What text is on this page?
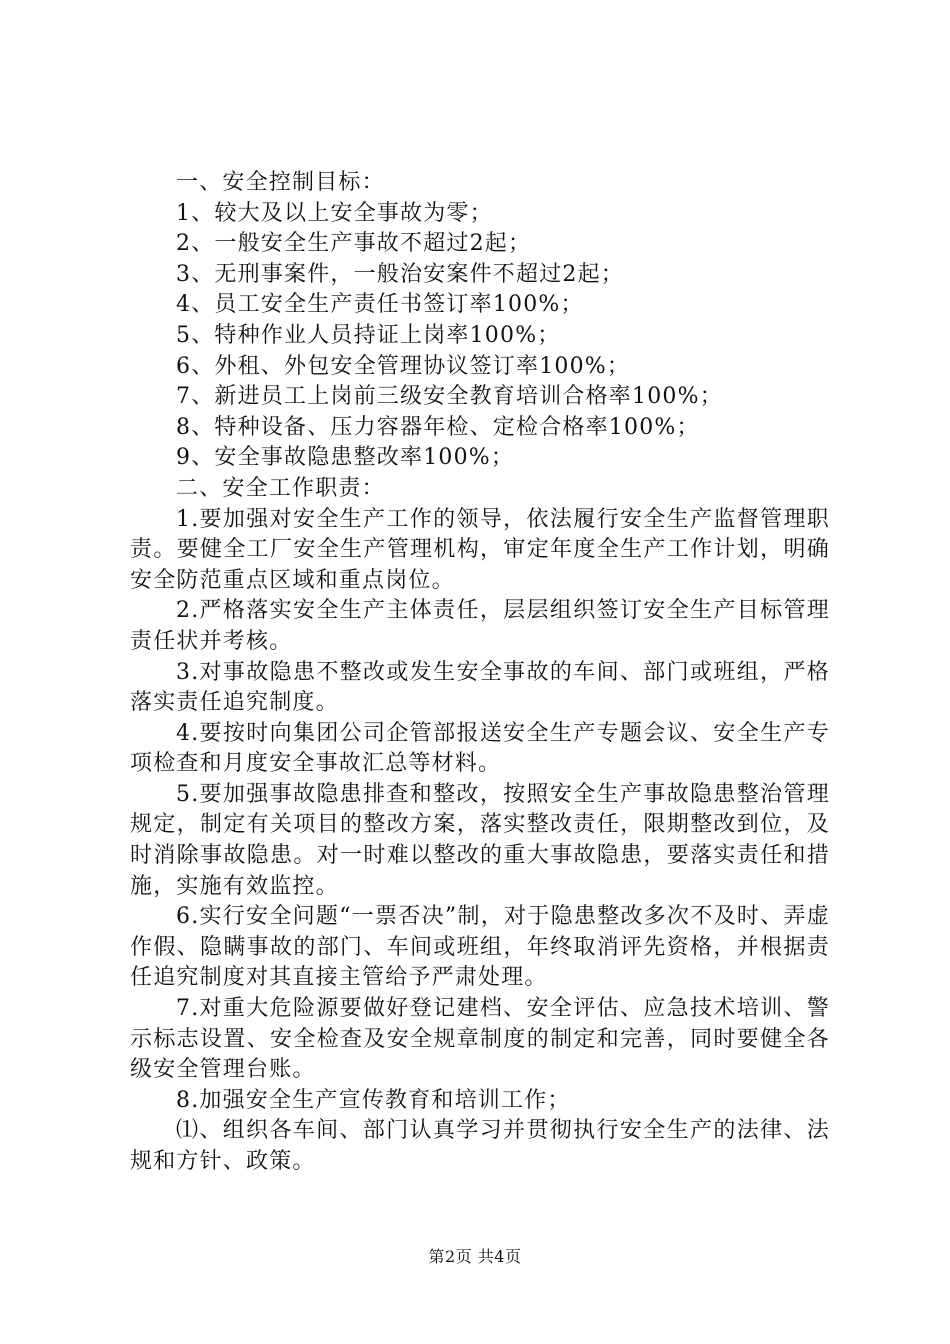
一、安全控制目标：
1、较大及以上安全事故为零；
2、一般安全生产事故不超过2起；
3、无刑事案件，一般治安案件不超过2起；
4、员工安全生产责任书签订率100%；
5、特种作业人员持证上岗率100%；
6、外租、外包安全管理协议签订率100%；
7、新进员工上岗前三级安全教育培训合格率100%；
8、特种设备、压力容器年检、定检合格率100%；
9、安全事故隐患整改率100%；
二、安全工作职责：

1.要加强对安全生产工作的领导，依法履行安全生产监督管理职责。要健全工厂安全生产管理机构，审定年度全生产工作计划，明确安全防范重点区域和重点岗位。

2.严格落实安全生产主体责任，层层组织签订安全生产目标管理责任状并考核。

3.对事故隐患不整改或发生安全事故的车间、部门或班组，严格落实责任追究制度。

4.要按时向集团公司企管部报送安全生产专题会议、安全生产专项检查和月度安全事故汇总等材料。

5.要加强事故隐患排查和整改，按照安全生产事故隐患整治管理规定，制定有关项目的整改方案，落实整改责任，限期整改到位，及时消除事故隐患。对一时难以整改的重大事故隐患，要落实责任和措施，实施有效监控。

6.实行安全问题“一票否决”制，对于隐患整改多次不及时、弄虚作假、隐瞒事故的部门、车间或班组，年终取消评先资格，并根据责任追究制度对其直接主管给予严肃处理。

7.对重大危险源要做好登记建档、安全评估、应急技术培训、警示标志设置、安全检查及安全规章制度的制定和完善，同时要健全各级安全管理台账。

8.加强安全生产宣传教育和培训工作；

⑴、组织各车间、部门认真学习并贯彻执行安全生产的法律、法规和方针、政策。

第2页 共4页
